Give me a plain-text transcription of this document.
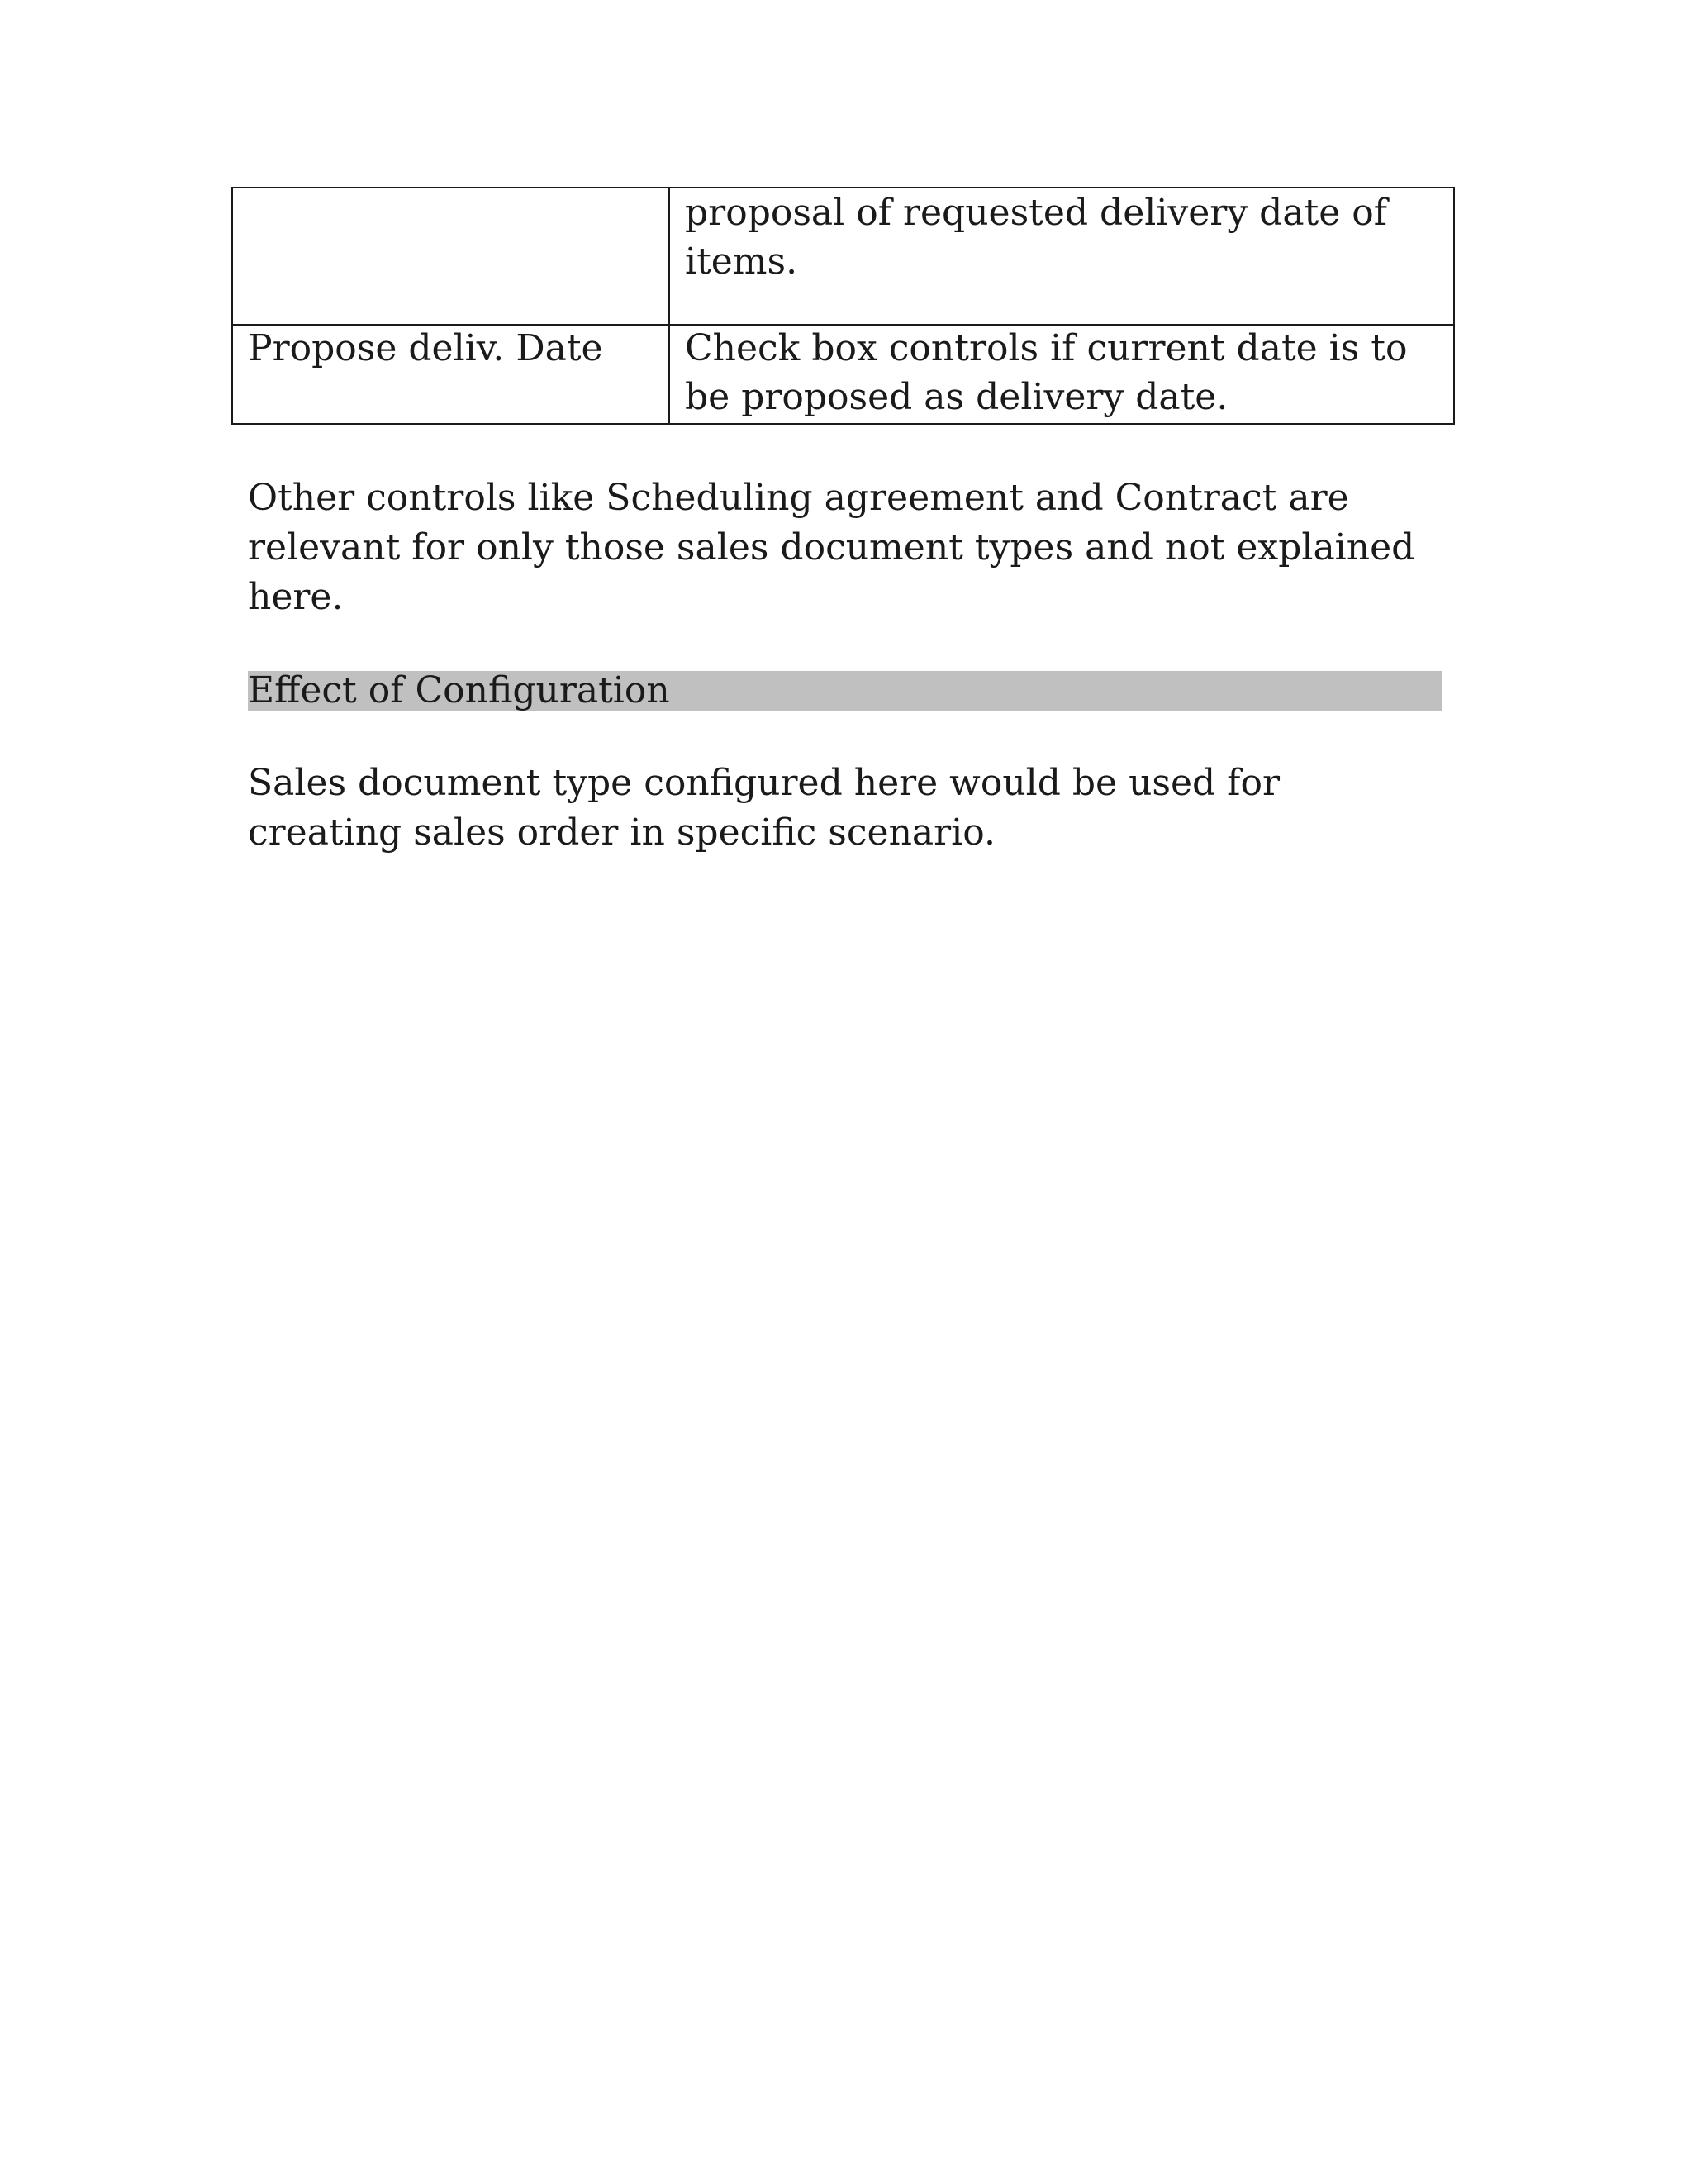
	proposal of requested delivery date of items.

Propose deliv. Date	Check box controls if current date is to be proposed as delivery date.

Other controls like Scheduling agreement and Contract are relevant for only those sales document types and not explained here.

Effect of Configuration

Sales document type configured here would be used for creating sales order in specific scenario.
